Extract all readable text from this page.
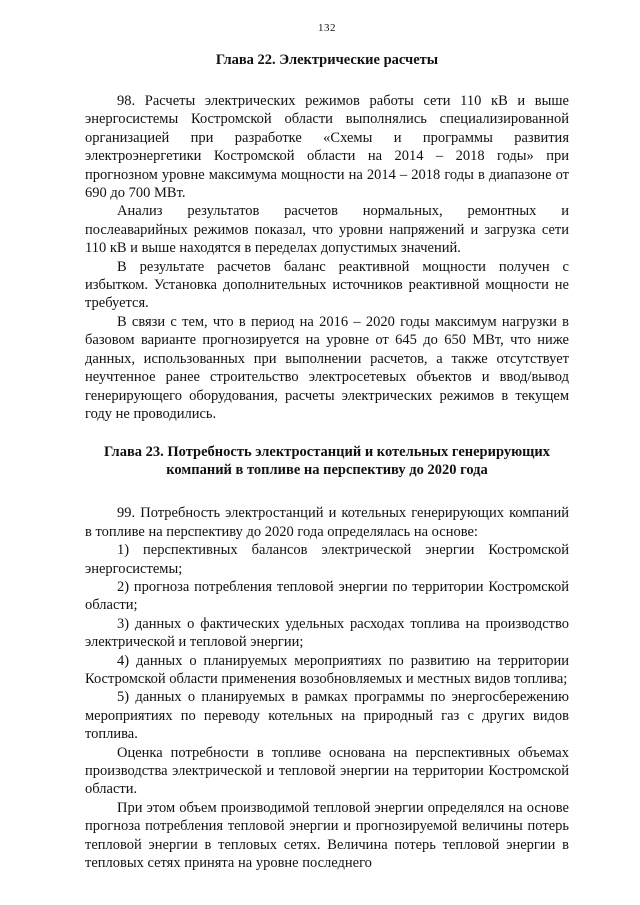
132
Глава 22. Электрические расчеты

98. Расчеты электрических режимов работы сети 110 кВ и выше энергосистемы Костромской области выполнялись специализированной организацией при разработке «Схемы и программы развития электроэнергетики Костромской области на 2014 – 2018 годы» при прогнозном уровне максимума мощности на 2014 – 2018 годы в диапазоне от 690 до 700 МВт.

Анализ результатов расчетов нормальных, ремонтных и послеаварийных режимов показал, что уровни напряжений и загрузка сети 110 кВ и выше находятся в переделах допустимых значений.

В результате расчетов баланс реактивной мощности получен с избытком. Установка дополнительных источников реактивной мощности не требуется.

В связи с тем, что в период на 2016 – 2020 годы максимум нагрузки в базовом варианте прогнозируется на уровне от 645 до 650 МВт, что ниже данных, использованных при выполнении расчетов, а также отсутствует неучтенное ранее строительство электросетевых объектов и ввод/вывод генерирующего оборудования, расчеты электрических режимов в текущем году не проводились.

Глава 23. Потребность электростанций и котельных генерирующих
компаний в топливе на перспективу до 2020 года

99. Потребность электростанций и котельных генерирующих компаний в топливе на перспективу до 2020 года определялась на основе:

1) перспективных балансов электрической энергии Костромской энергосистемы;

2) прогноза потребления тепловой энергии по территории Костромской области;

3) данных о фактических удельных расходах топлива на производство электрической и тепловой энергии;

4) данных о планируемых мероприятиях по развитию на территории Костромской области применения возобновляемых и местных видов топлива;

5) данных о планируемых в рамках программы по энергосбережению мероприятиях по переводу котельных на природный газ с других видов топлива.

Оценка потребности в топливе основана на перспективных объемах производства электрической и тепловой энергии на территории Костромской области.

При этом объем производимой тепловой энергии определялся на основе прогноза потребления тепловой энергии и прогнозируемой величины потерь тепловой энергии в тепловых сетях. Величина потерь тепловой энергии в тепловых сетях принята на уровне последнего
